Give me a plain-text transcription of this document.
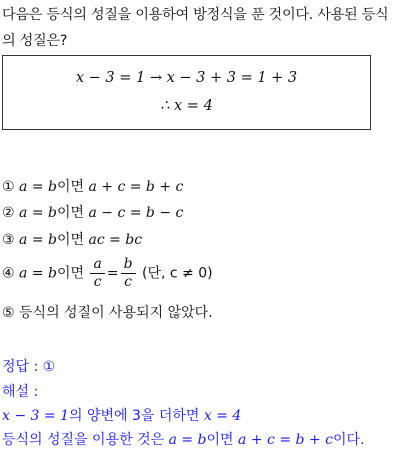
다음은 등식의 성질을 이용하여 방정식을 푼 것이다. 사용된 등식의 성질은?
x − 3 = 1 → x − 3 + 3 = 1 + 3
∴ x = 4
① a = b이면 a + c = b + c
② a = b이면 a − c = b − c
③ a = b이면 ac = bc
④ a = b이면 $\frac{a}{c} = \frac{b}{c}$ (단, c ≠ 0)
⑤ 등식의 성질이 사용되지 않았다.
정답 : ①
해설 :
x − 3 = 1의 양변에 3을 더하면 x = 4
등식의 성질을 이용한 것은 a = b이면 a + c = b + c이다.
